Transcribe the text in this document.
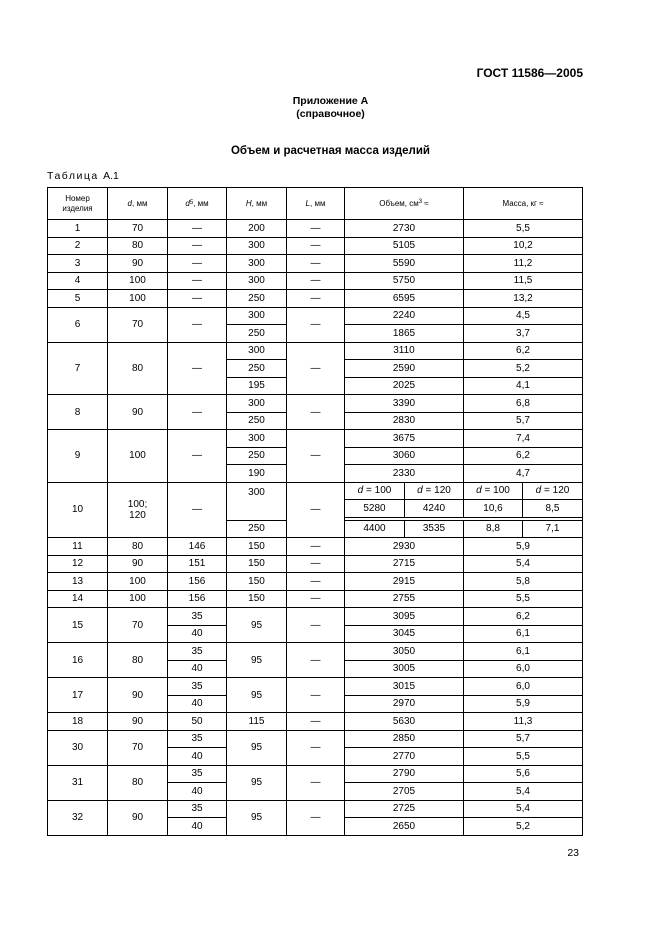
ГОСТ 11586—2005
Приложение А
(справочное)
Объем и расчетная масса изделий
Таблица А.1
Номер
изделия	d, мм	$d_5$, мм	H, мм	L, мм	Объем, $см^3$ ≈		Масса, кг ≈	
1	70	—	200	—	2730		5,5	
2	80	—	300	—	5105		10,2	
3	90	—	300	—	5590		11,2	
4	100	—	300	—	5750		11,5	
5	100	—	250	—	6595		13,2	
6	70	—	300	—	2240		4,5	
			250		1865		3,7	
7	80	—	300	—	3110		6,2	
			250		2590		5,2	
			195		2025		4,1	
8	90	—	300	—	3390		6,8	
			250		2830		5,7	
9	100	—	300	—	3675		7,4	
			250		3060		6,2	
			190		2330		4,7	
10	100;
120	—	300	—	d = 100	d = 120	d = 100	d = 120
					5280	4240	10,6	8,5

			250		4400	3535	8,8	7,1
11	80	146	150	—	2930		5,9	
12	90	151	150	—	2715		5,4	
13	100	156	150	—	2915		5,8	
14	100	156	150	—	2755		5,5	
15	70	35	95	—	3095		6,2	
		40			3045		6,1	
16	80	35	95	—	3050		6,1	
		40			3005		6,0	
17	90	35	95	—	3015		6,0	
		40			2970		5,9	
18	90	50	115	—	5630		11,3	
30	70	35	95	—	2850		5,7	
		40			2770		5,5	
31	80	35	95	—	2790		5,6	
		40			2705		5,4	
32	90	35	95	—	2725		5,4	
		40			2650		5,2	
23
